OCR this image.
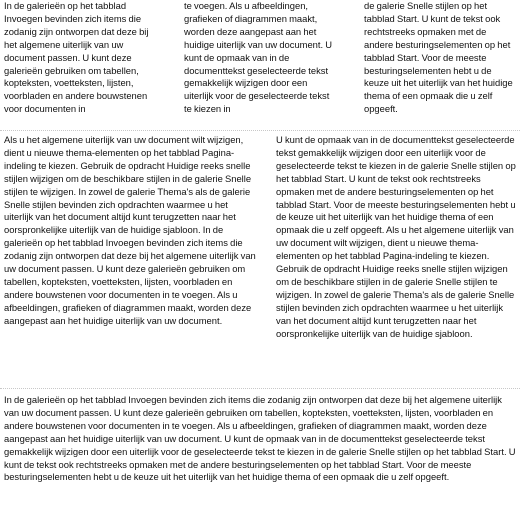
In de galerieën op het tabblad Invoegen bevinden zich items die zodanig zijn ontworpen dat deze bij het algemene uiterlijk van uw document passen. U kunt deze galerieën gebruiken om tabellen, kopteksten, voetteksten, lijsten, voorbladen en andere bouwstenen voor documenten in

te voegen. Als u afbeeldingen, grafieken of diagrammen maakt, worden deze aangepast aan het huidige uiterlijk van uw document. U kunt de opmaak van in de documenttekst geselecteerde tekst gemakkelijk wijzigen door een uiterlijk voor de geselecteerde tekst te kiezen in

de galerie Snelle stijlen op het tabblad Start. U kunt de tekst ook rechtstreeks opmaken met de andere besturingselementen op het tabblad Start. Voor de meeste besturingselementen hebt u de keuze uit het uiterlijk van het huidige thema of een opmaak die u zelf opgeeft.

Als u het algemene uiterlijk van uw document wilt wijzigen, dient u nieuwe thema-elementen op het tabblad Pagina-indeling te kiezen. Gebruik de opdracht Huidige reeks snelle stijlen wijzigen om de beschikbare stijlen in de galerie Snelle stijlen te wijzigen. In zowel de galerie Thema's als de galerie Snelle stijlen bevinden zich opdrachten waarmee u het uiterlijk van het document altijd kunt terugzetten naar het oorspronkelijke uiterlijk van de huidige sjabloon. In de galerieën op het tabblad Invoegen bevinden zich items die zodanig zijn ontworpen dat deze bij het algemene uiterlijk van uw document passen. U kunt deze galerieën gebruiken om tabellen, kopteksten, voetteksten, lijsten, voorbladen en andere bouwstenen voor documenten in te voegen. Als u afbeeldingen, grafieken of diagrammen maakt, worden deze aangepast aan het huidige uiterlijk van uw document.

U kunt de opmaak van in de documenttekst geselecteerde tekst gemakkelijk wijzigen door een uiterlijk voor de geselecteerde tekst te kiezen in de galerie Snelle stijlen op het tabblad Start. U kunt de tekst ook rechtstreeks opmaken met de andere besturingselementen op het tabblad Start. Voor de meeste besturingselementen hebt u de keuze uit het uiterlijk van het huidige thema of een opmaak die u zelf opgeeft. Als u het algemene uiterlijk van uw document wilt wijzigen, dient u nieuwe thema-elementen op het tabblad Pagina-indeling te kiezen. Gebruik de opdracht Huidige reeks snelle stijlen wijzigen om de beschikbare stijlen in de galerie Snelle stijlen te wijzigen. In zowel de galerie Thema's als de galerie Snelle stijlen bevinden zich opdrachten waarmee u het uiterlijk van het document altijd kunt terugzetten naar het oorspronkelijke uiterlijk van de huidige sjabloon.

In de galerieën op het tabblad Invoegen bevinden zich items die zodanig zijn ontworpen dat deze bij het algemene uiterlijk van uw document passen. U kunt deze galerieën gebruiken om tabellen, kopteksten, voetteksten, lijsten, voorbladen en andere bouwstenen voor documenten in te voegen. Als u afbeeldingen, grafieken of diagrammen maakt, worden deze aangepast aan het huidige uiterlijk van uw document. U kunt de opmaak van in de documenttekst geselecteerde tekst gemakkelijk wijzigen door een uiterlijk voor de geselecteerde tekst te kiezen in de galerie Snelle stijlen op het tabblad Start. U kunt de tekst ook rechtstreeks opmaken met de andere besturingselementen op het tabblad Start. Voor de meeste besturingselementen hebt u de keuze uit het uiterlijk van het huidige thema of een opmaak die u zelf opgeeft.
